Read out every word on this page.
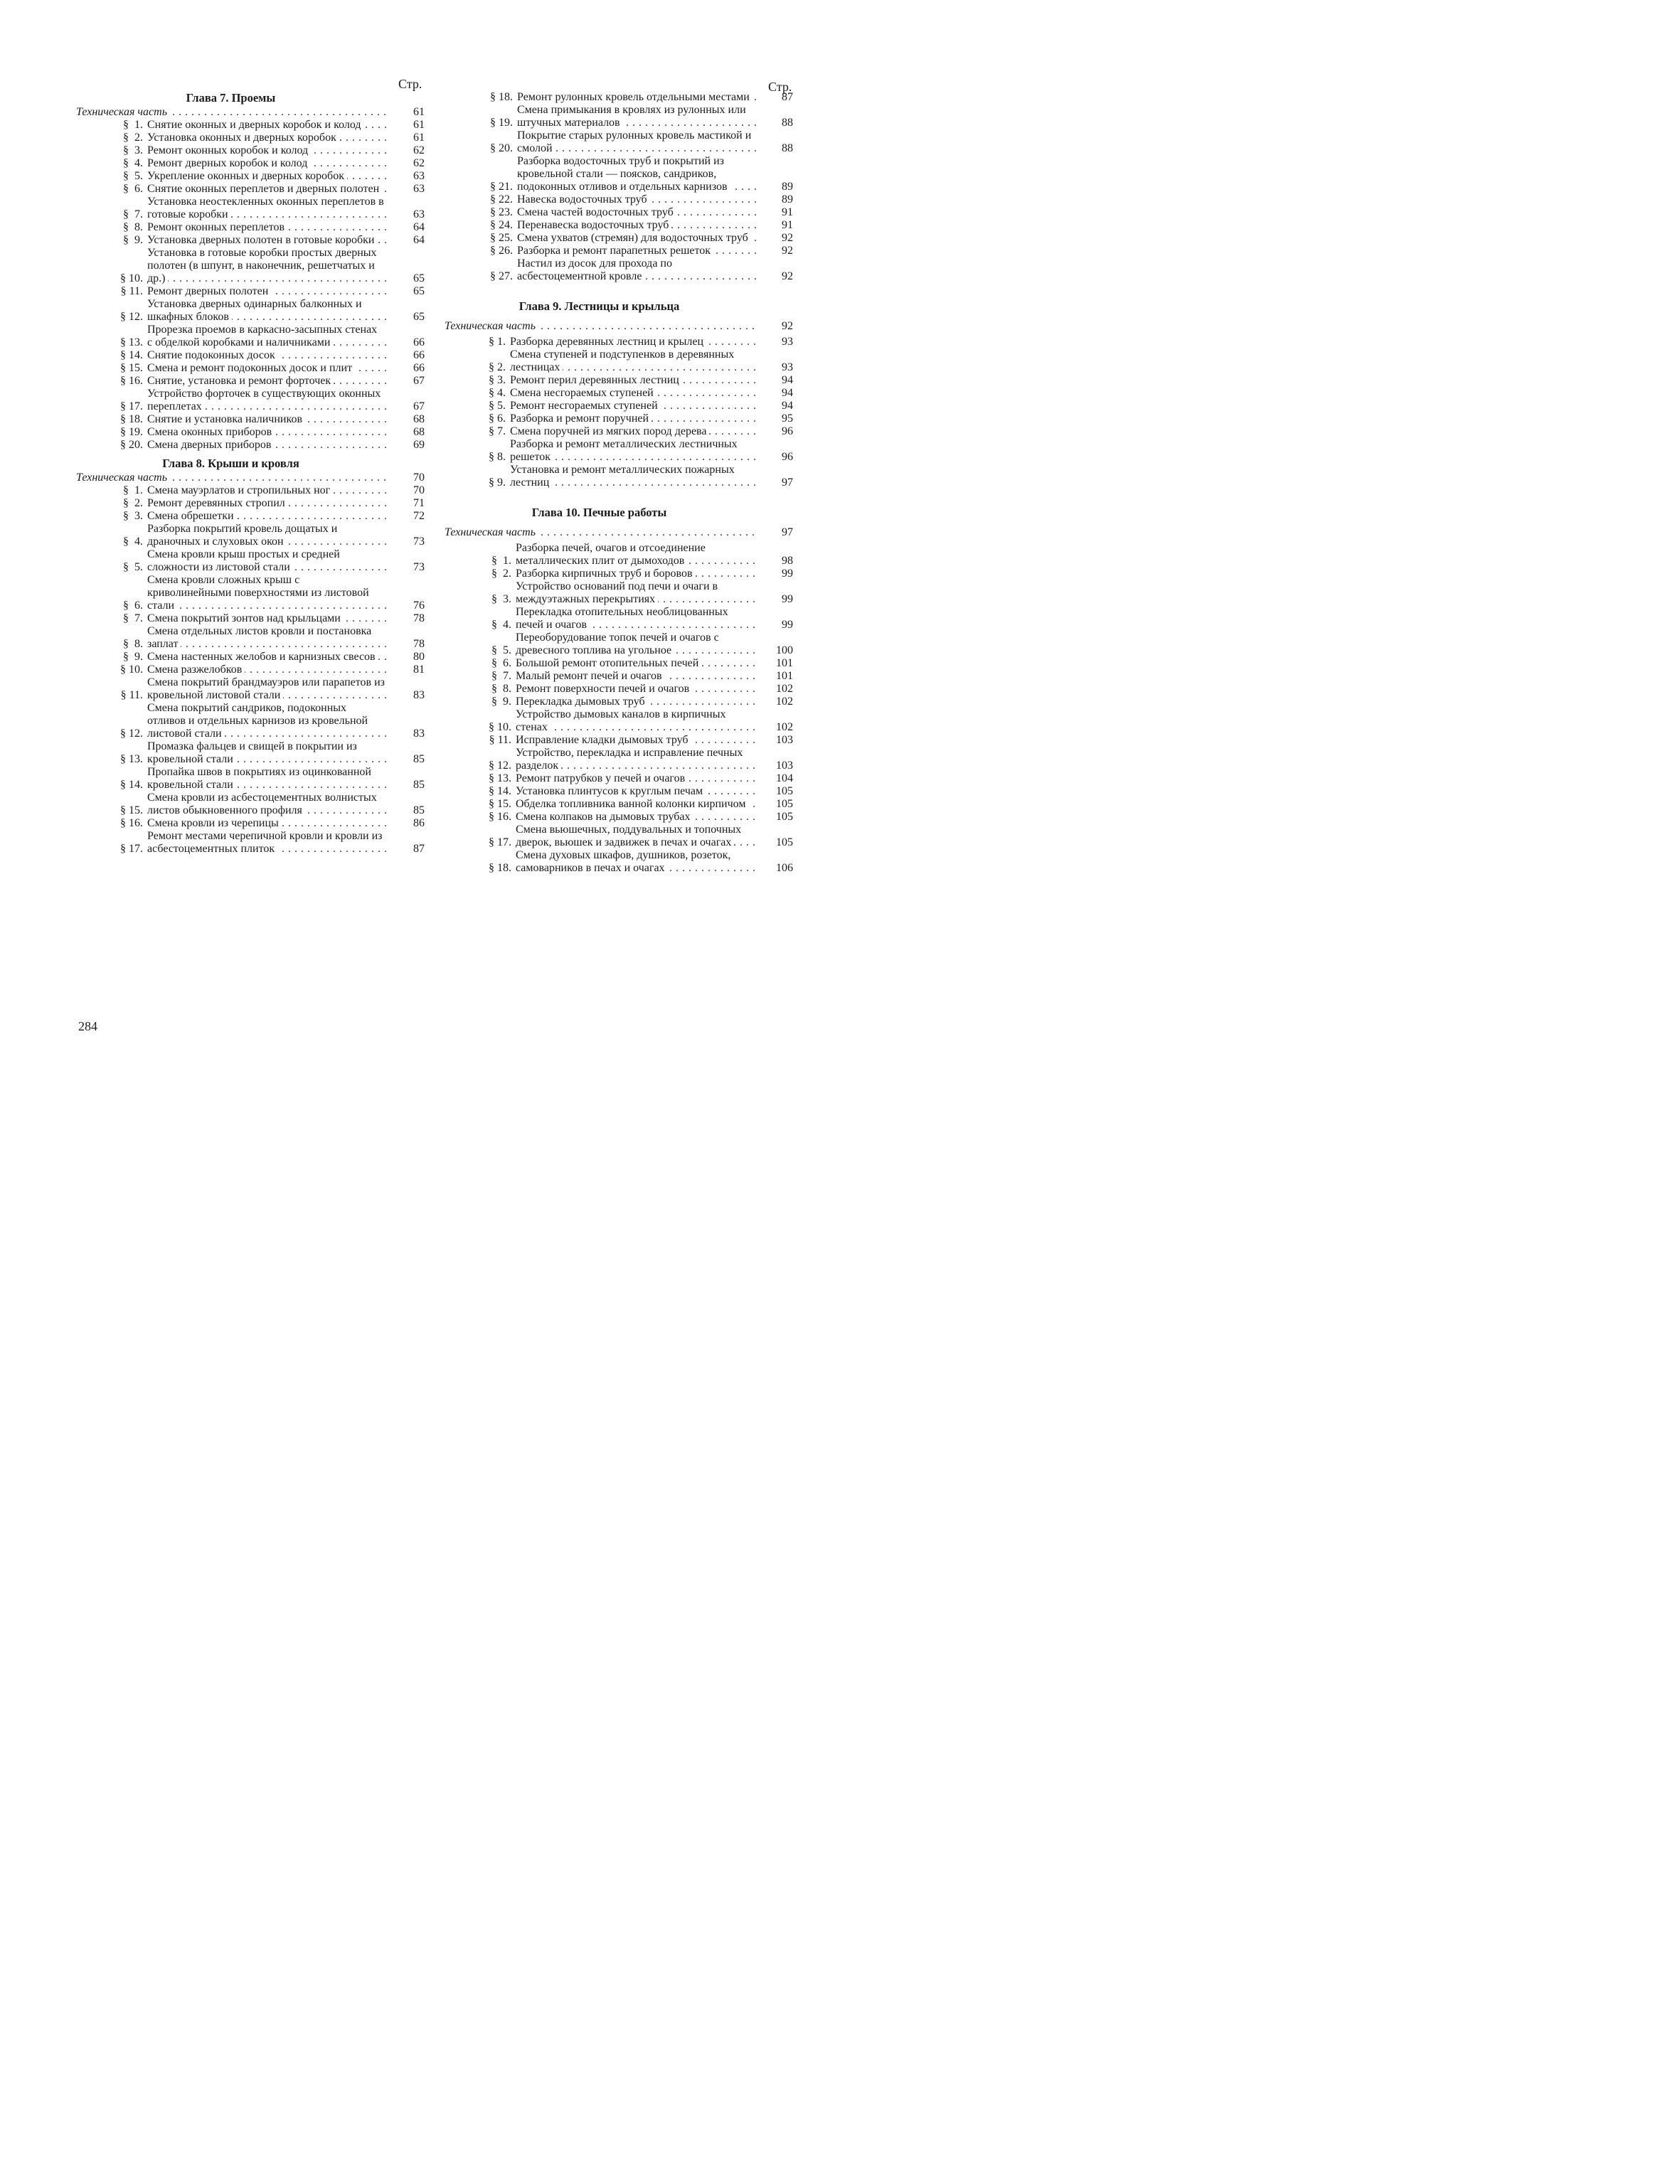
Стр.	Стр.
Глава 7. Проемы
Техническая часть . . .	61
§  1. Снятие оконных и дверных коробок и колод . . .	61
§  2. Установка оконных и дверных коробок . . .	61
§  3. Ремонт оконных коробок и колод . . .	62
§  4. Ремонт дверных коробок и колод . . .	62
§  5. Укрепление оконных и дверных коробок . . .	63
§  6. Снятие оконных переплетов и дверных полотен . . .	63
§  7.
Установка неостекленных оконных переплетов в готовые коробки . . .	63
§  8. Ремонт оконных переплетов . . .	64
§  9. Установка дверных полотен в готовые коробки . . .	64
§ 10.
Установка в готовые коробки простых дверных полотен (в шпунт, в наконечник, решетчатых и др.) . . .	65
§ 11. Ремонт дверных полотен . . .	65
§ 12.
Установка дверных одинарных балконных и шкафных блоков . . .	65
§ 13.
Прорезка проемов в каркасно-засыпных стенах с обделкой коробками и наличниками . . .	66
§ 14. Снятие подоконных досок . . .	66
§ 15. Смена и ремонт подоконных досок и плит . . .	66
§ 16. Снятие, установка и ремонт форточек . . .	67
§ 17.
Устройство форточек в существующих оконных переплетах . . .	67
§ 18. Снятие и установка наличников . . .	68
§ 19. Смена оконных приборов . . .	68
§ 20. Смена дверных приборов . . .	69
Глава 8. Крыши и кровля
Техническая часть . . .	70
§  1. Смена мауэрлатов и стропильных ног . . .	70
§  2. Ремонт деревянных стропил . . .	71
§  3. Смена обрешетки . . .	72
§  4.
Разборка покрытий кровель дощатых и драночных и слуховых окон . . .	73
§  5.
Смена кровли крыш простых и средней сложности из листовой стали . . .	73
§  6.
Смена кровли сложных крыш с криволинейными поверхностями из листовой стали . . .	76
§  7. Смена покрытий зонтов над крыльцами . . .	78
§  8.
Смена отдельных листов кровли и постановка заплат . . .	78
§  9. Смена настенных желобов и карнизных свесов . . .	80
§ 10. Смена разжелобков . . .	81
§ 11.
Смена покрытий брандмауэров или парапетов из кровельной листовой стали . . .	83
§ 12.
Смена покрытий сандриков, подоконных отливов и отдельных карнизов из кровельной листовой стали . . .	83
§ 13.
Промазка фальцев и свищей в покрытии из кровельной стали . . .	85
§ 14.
Пропайка швов в покрытиях из оцинкованной кровельной стали . . .	85
§ 15.
Смена кровли из асбестоцементных волнистых листов обыкновенного профиля . . .	85
§ 16. Смена кровли из черепицы . . .	86
§ 17.
Ремонт местами черепичной кровли и кровли из асбестоцементных плиток . . .	87
§ 18. Ремонт рулонных кровель отдельными местами . . .	87
§ 19.
Смена примыкания в кровлях из рулонных или штучных материалов . . .	88
§ 20.
Покрытие старых рулонных кровель мастикой и смолой . . .	88
§ 21.
Разборка водосточных труб и покрытий из кровельной стали — поясков, сандриков, подоконных отливов и отдельных карнизов . . .	89
§ 22. Навеска водосточных труб . . .	89
§ 23. Смена частей водосточных труб . . .	91
§ 24. Перенавеска водосточных труб . . .	91
§ 25. Смена ухватов (стремян) для водосточных труб . . .	92
§ 26. Разборка и ремонт парапетных решеток . . .	92
§ 27.
Настил из досок для прохода по асбестоцементной кровле . . .	92
Глава 9. Лестницы и крыльца
Техническая часть . . .	92
§ 1. Разборка деревянных лестниц и крылец . . .	93
§ 2.
Смена ступеней и подступенков в деревянных лестницах . . .	93
§ 3. Ремонт перил деревянных лестниц . . .	94
§ 4. Смена несгораемых ступеней . . .	94
§ 5. Ремонт несгораемых ступеней . . .	94
§ 6. Разборка и ремонт поручней . . .	95
§ 7. Смена поручней из мягких пород дерева . . .	96
§ 8.
Разборка и ремонт металлических лестничных решеток . . .	96
§ 9.
Установка и ремонт металлических пожарных лестниц . . .	97
Глава 10. Печные работы
Техническая часть . . .	97
§  1.
Разборка печей, очагов и отсоединение металлических плит от дымоходов . . .	98
§  2. Разборка кирпичных труб и боровов . . .	99
§  3.
Устройство оснований под печи и очаги в междуэтажных перекрытиях . . .	99
§  4.
Перекладка отопительных необлицованных печей и очагов . . .	99
§  5.
Переоборудование топок печей и очагов с древесного топлива на угольное . . .	100
§  6. Большой ремонт отопительных печей . . .	101
§  7. Малый ремонт печей и очагов . . .	101
§  8. Ремонт поверхности печей и очагов . . .	102
§  9. Перекладка дымовых труб . . .	102
§ 10.
Устройство дымовых каналов в кирпичных стенах . . .	102
§ 11. Исправление кладки дымовых труб . . .	103
§ 12.
Устройство, перекладка и исправление печных разделок . . .	103
§ 13. Ремонт патрубков у печей и очагов . . .	104
§ 14. Установка плинтусов к круглым печам . . .	105
§ 15. Обделка топливника ванной колонки кирпичом . . .	105
§ 16. Смена колпаков на дымовых трубах . . .	105
§ 17.
Смена вьюшечных, поддувальных и топочных дверок, вьюшек и задвижек в печах и очагах . . .	105
§ 18.
Смена духовых шкафов, душников, розеток, самоварников в печах и очагах . . .	106
284
